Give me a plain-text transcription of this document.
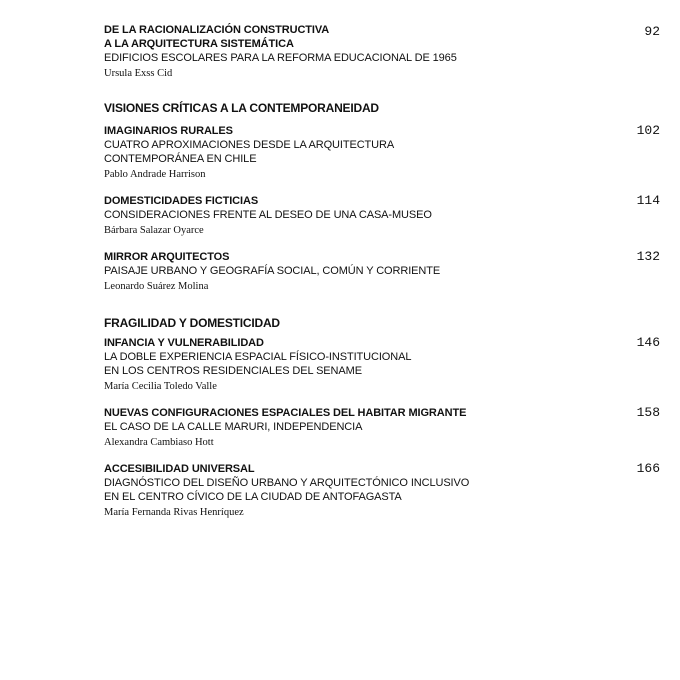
DE LA RACIONALIZACIÓN CONSTRUCTIVA
A LA ARQUITECTURA SISTEMÁTICA
EDIFICIOS ESCOLARES PARA LA REFORMA EDUCACIONAL DE 1965
Ursula Exss Cid
92
VISIONES CRÍTICAS A LA CONTEMPORANEIDAD
IMAGINARIOS RURALES
CUATRO APROXIMACIONES DESDE LA ARQUITECTURA
CONTEMPORÁNEA EN CHILE
Pablo Andrade Harrison
102
DOMESTICIDADES FICTICIAS
CONSIDERACIONES FRENTE AL DESEO DE UNA CASA-MUSEO
Bárbara Salazar Oyarce
114
MIRROR ARQUITECTOS
PAISAJE URBANO Y GEOGRAFÍA SOCIAL, COMÚN Y CORRIENTE
Leonardo Suárez Molina
132
FRAGILIDAD Y DOMESTICIDAD
INFANCIA Y VULNERABILIDAD
LA DOBLE EXPERIENCIA ESPACIAL FÍSICO-INSTITUCIONAL
EN LOS CENTROS RESIDENCIALES DEL SENAME
María Cecilia Toledo Valle
146
NUEVAS CONFIGURACIONES ESPACIALES DEL HABITAR MIGRANTE
EL CASO DE LA CALLE MARURI, INDEPENDENCIA
Alexandra Cambiaso Hott
158
ACCESIBILIDAD UNIVERSAL
DIAGNÓSTICO DEL DISEÑO URBANO Y ARQUITECTÓNICO INCLUSIVO
EN EL CENTRO CÍVICO DE LA CIUDAD DE ANTOFAGASTA
María Fernanda Rivas Henríquez
166
